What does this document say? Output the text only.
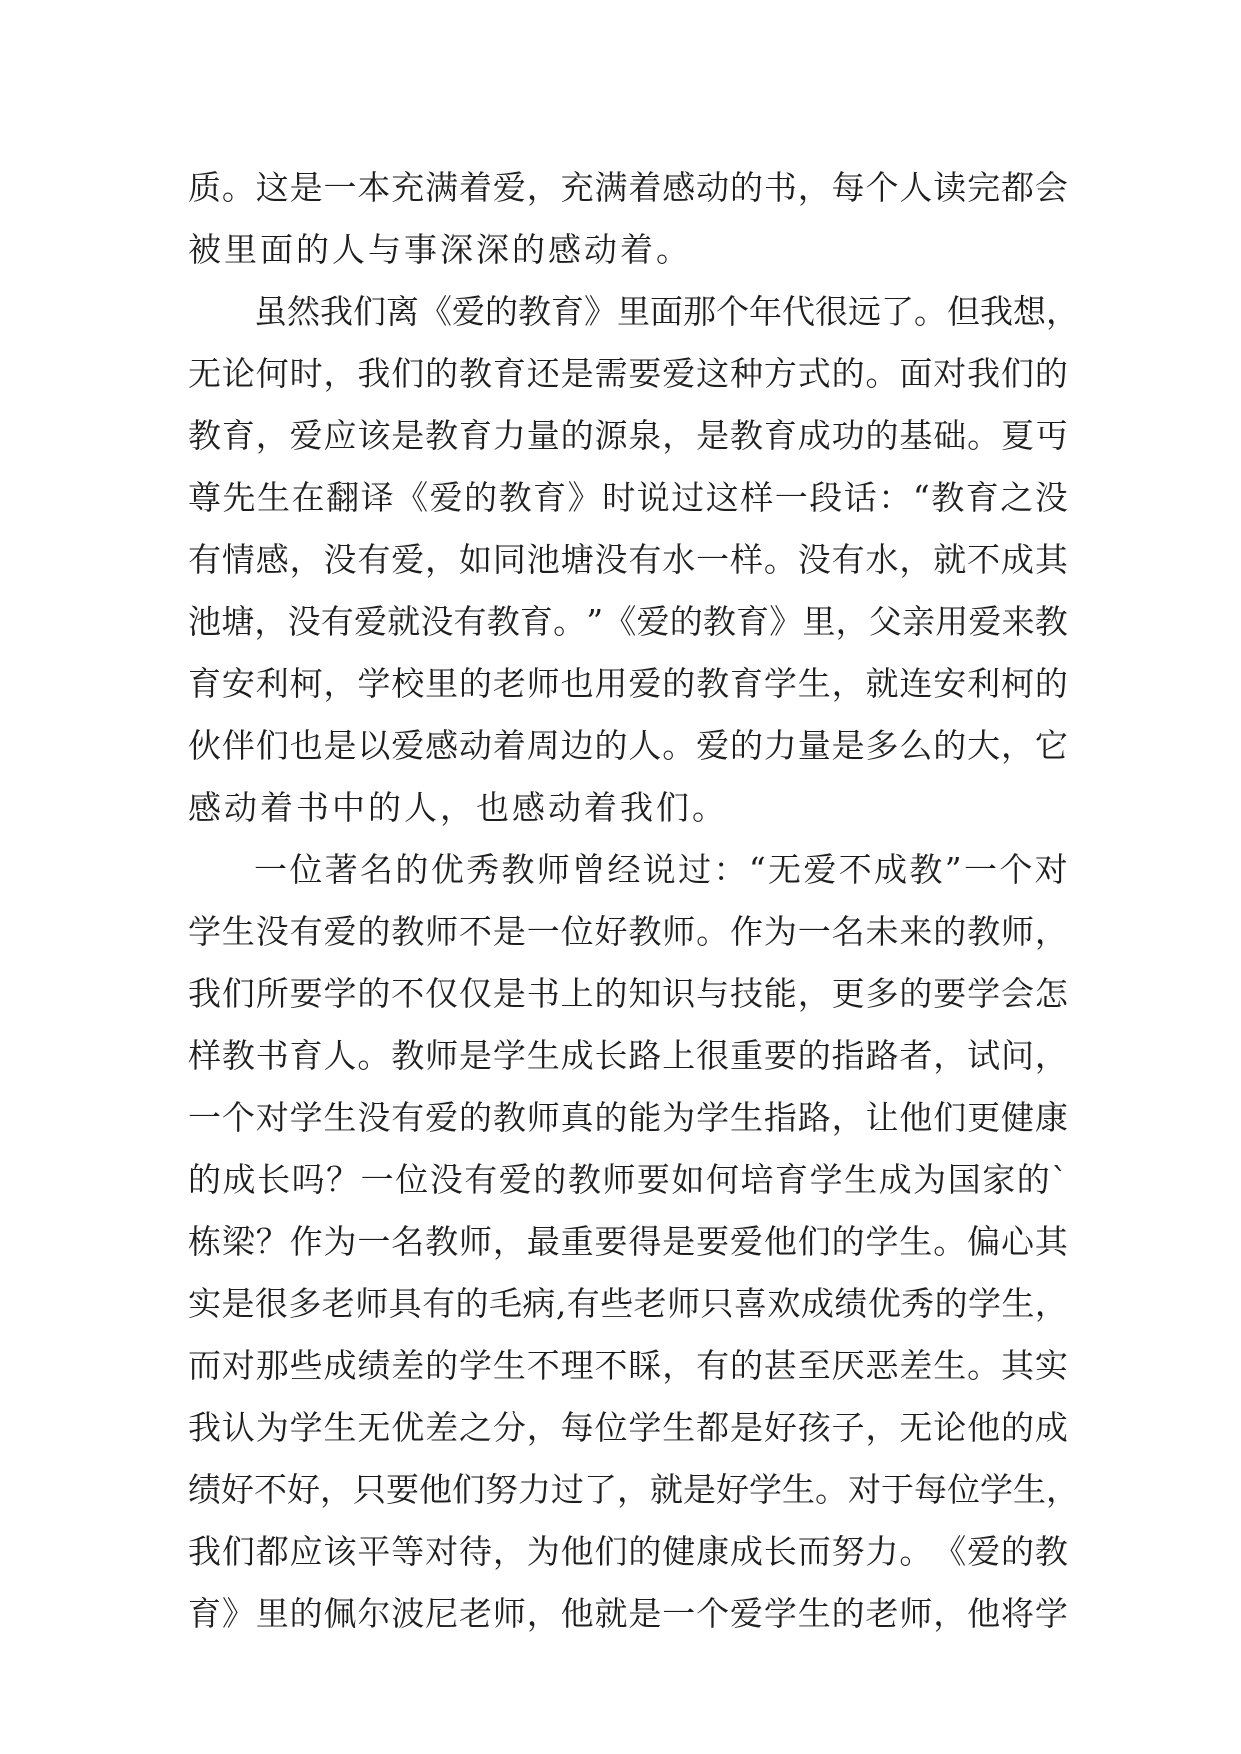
质 。 这 是 一 本 充 满 着 爱 ， 充 满 着 感 动 的 书 ， 每 个 人 读 完 都 会
被里面的人与事深深的感动着。
虽 然 我 们 离 《 爱 的 教 育 》 里 面 那 个 年 代 很 远 了 。 但 我 想 ，
无 论 何 时 ， 我 们 的 教 育 还 是 需 要 爱 这 种 方 式 的 。 面 对 我 们 的
教 育 ， 爱 应 该 是 教 育 力 量 的 源 泉 ， 是 教 育 成 功 的 基 础 。 夏 丏
尊 先 生 在 翻 译 《 爱 的 教 育 》 时 说 过 这 样 一 段 话 ： “ 教 育 之 没
有 情 感 ， 没 有 爱 ， 如 同 池 塘 没 有 水 一 样 。 没 有 水 ， 就 不 成 其
池 塘 ， 没 有 爱 就 没 有 教 育 。 ” 《 爱 的 教 育 》 里 ， 父 亲 用 爱 来 教
育 安 利 柯 ， 学 校 里 的 老 师 也 用 爱 的 教 育 学 生 ， 就 连 安 利 柯 的
伙 伴 们 也 是 以 爱 感 动 着 周 边 的 人 。 爱 的 力 量 是 多 么 的 大 ， 它
感动着书中的人，也感动着我们。
一 位 著 名 的 优 秀 教 师 曾 经 说 过 ： “ 无 爱 不 成 教 ” 一 个 对
学 生 没 有 爱 的 教 师 不 是 一 位 好 教 师 。 作 为 一 名 未 来 的 教 师 ，
我 们 所 要 学 的 不 仅 仅 是 书 上 的 知 识 与 技 能 ， 更 多 的 要 学 会 怎
样 教 书 育 人 。 教 师 是 学 生 成 长 路 上 很 重 要 的 指 路 者 ， 试 问 ，
一 个 对 学 生 没 有 爱 的 教 师 真 的 能 为 学 生 指 路 ， 让 他 们 更 健 康
的 成 长 吗 ？ 一 位 没 有 爱 的 教 师 要 如 何 培 育 学 生 成 为 国 家 的 `
栋 梁 ？ 作 为 一 名 教 师 ， 最 重 要 得 是 要 爱 他 们 的 学 生 。 偏 心 其
实 是 很 多 老 师 具 有 的 毛 病 , 有 些 老 师 只 喜 欢 成 绩 优 秀 的 学 生 ，
而 对 那 些 成 绩 差 的 学 生 不 理 不 睬 ， 有 的 甚 至 厌 恶 差 生 。 其 实
我 认 为 学 生 无 优 差 之 分 ， 每 位 学 生 都 是 好 孩 子 ， 无 论 他 的 成
绩 好 不 好 ， 只 要 他 们 努 力 过 了 ， 就 是 好 学 生 。 对 于 每 位 学 生 ，
我 们 都 应 该 平 等 对 待 ， 为 他 们 的 健 康 成 长 而 努 力 。 《 爱 的 教
育 》 里 的 佩 尔 波 尼 老 师 ， 他 就 是 一 个 爱 学 生 的 老 师 ， 他 将 学
